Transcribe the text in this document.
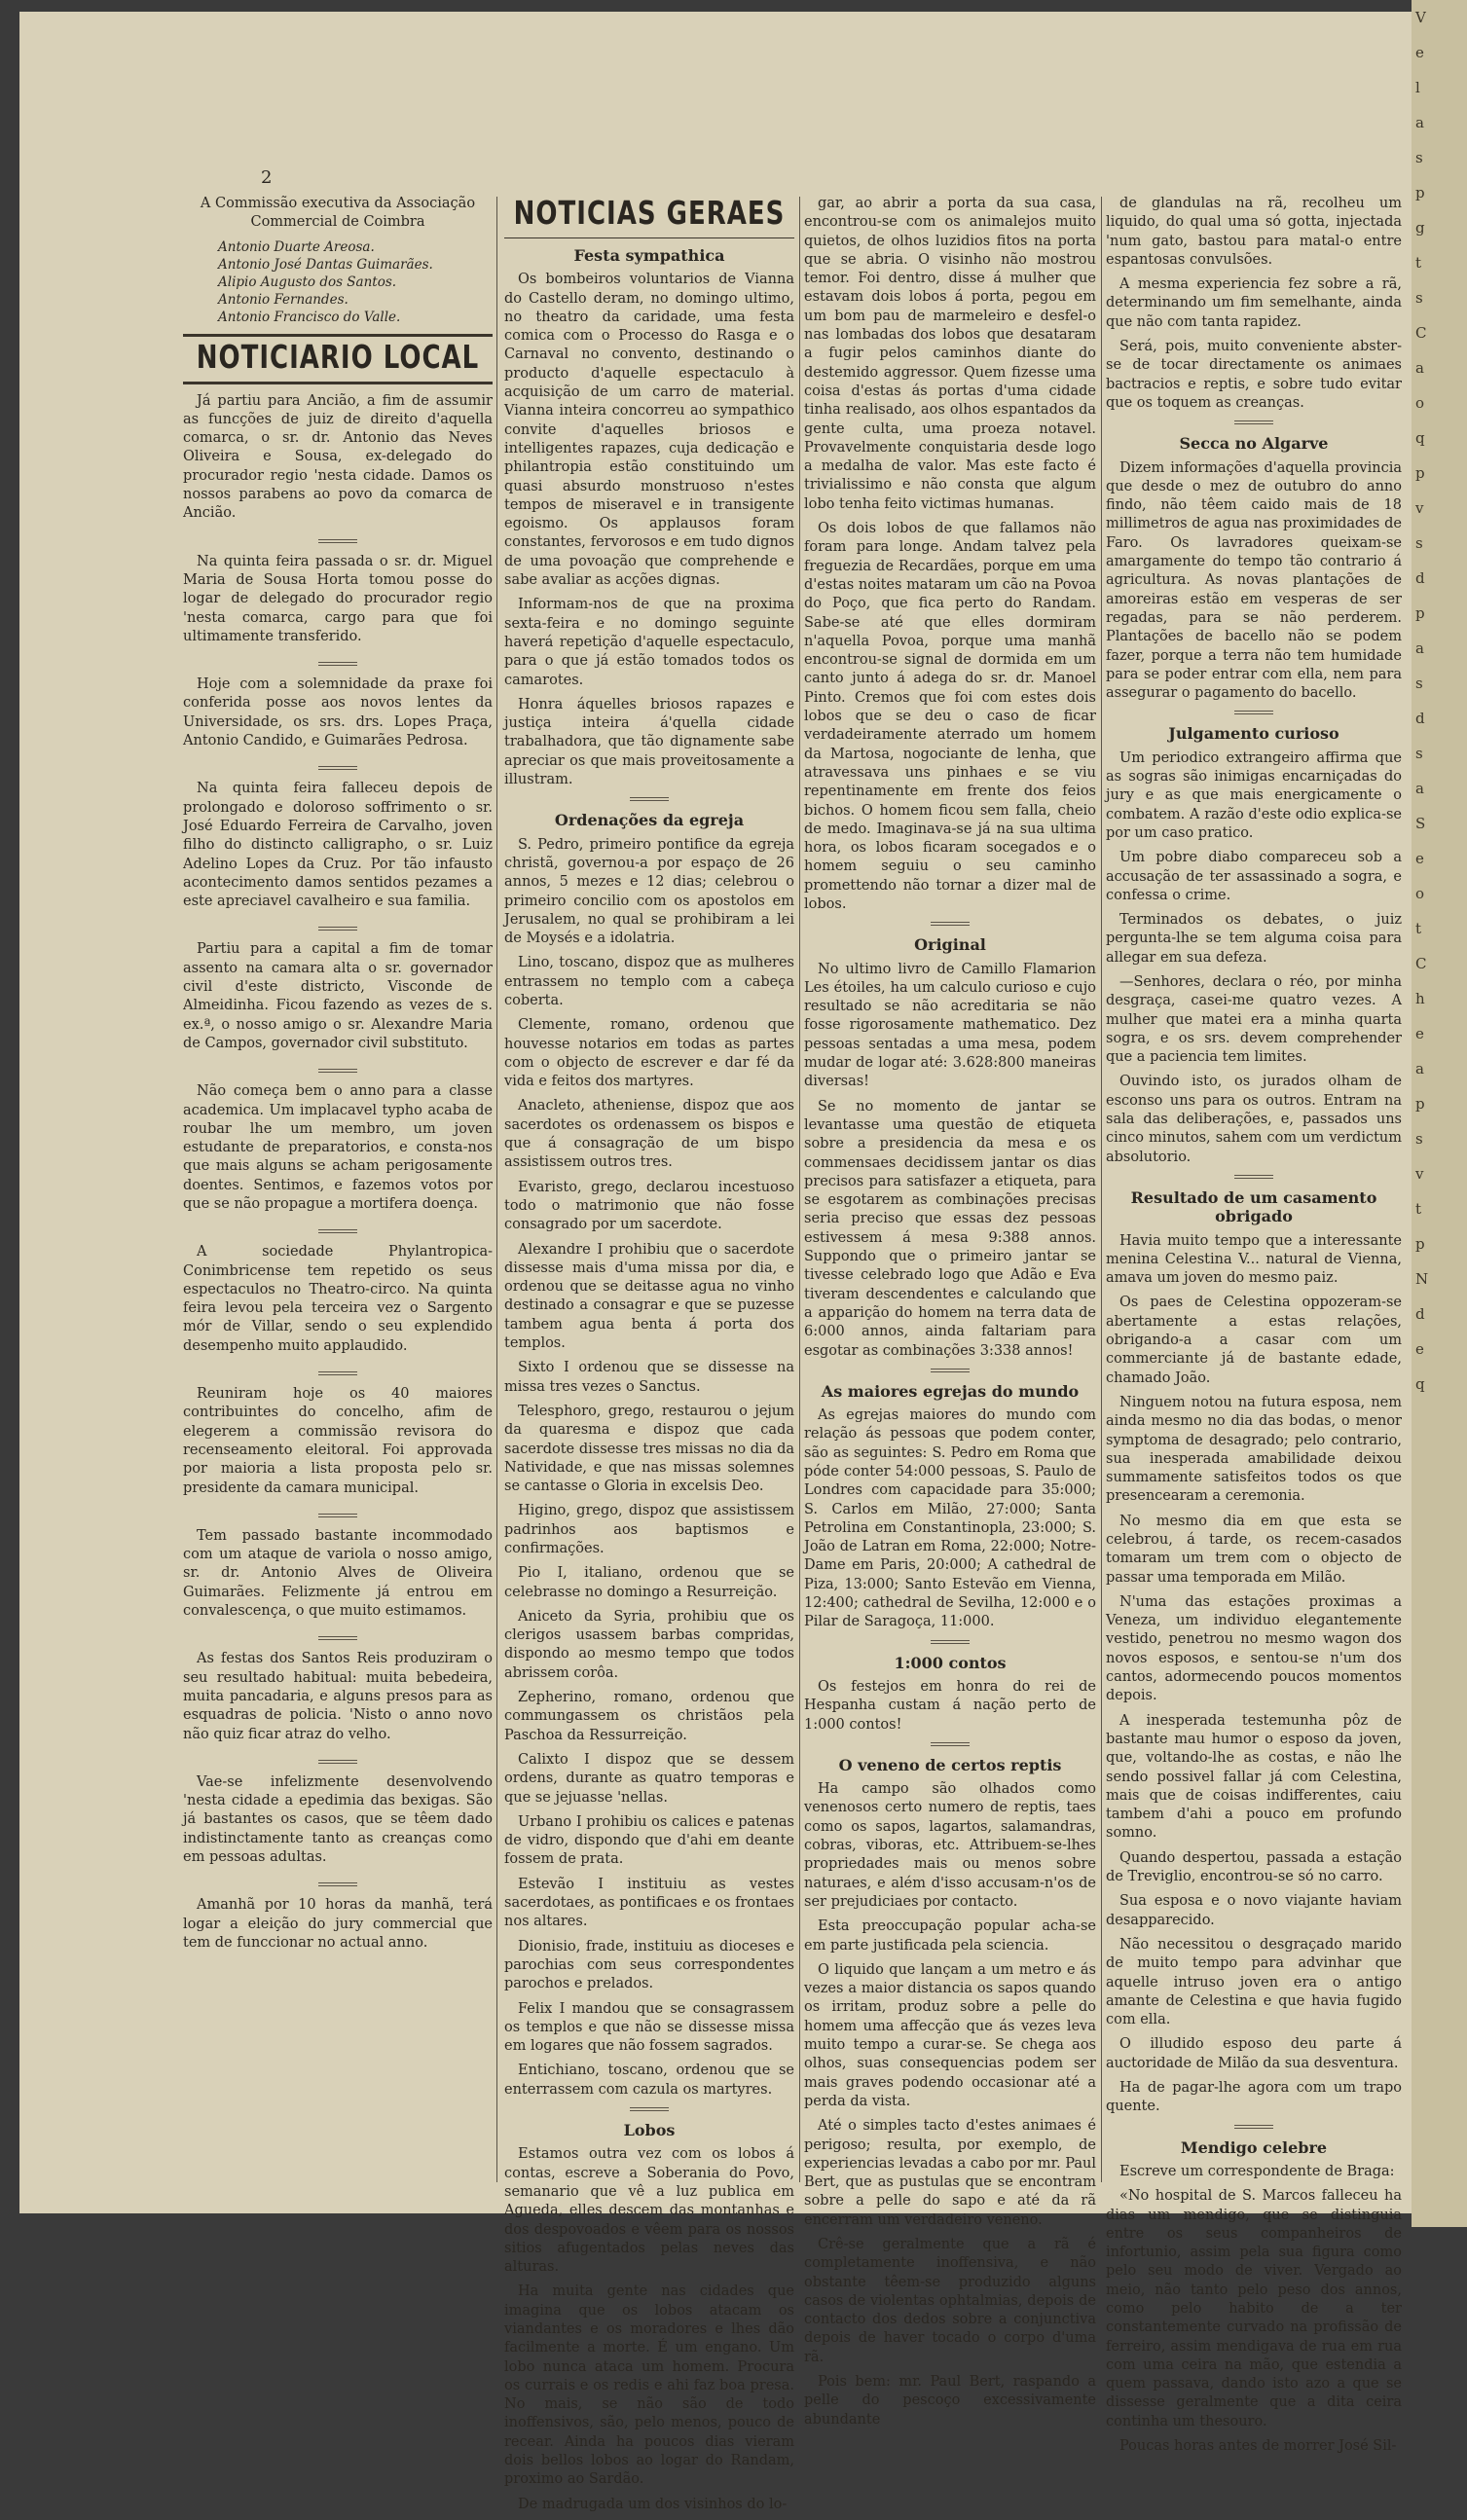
2

A Commissão executiva da Associação Commercial de Coimbra

Antonio Duarte Areosa.

Antonio José Dantas Guimarães.

Alipio Augusto dos Santos.

Antonio Fernandes.

Antonio Francisco do Valle.

NOTICIARIO LOCAL

Já partiu para Ancião, a fim de assumir as funcções de juiz de direito d'aquella comarca, o sr. dr. Antonio das Neves Oliveira e Sousa, ex-delegado do procurador regio 'nesta cidade. Damos os nossos parabens ao povo da comarca de Ancião.

Na quinta feira passada o sr. dr. Miguel Maria de Sousa Horta tomou posse do logar de delegado do procurador regio 'nesta comarca, cargo para que foi ultimamente transferido.

Hoje com a solemnidade da praxe foi conferida posse aos novos lentes da Universidade, os srs. drs. Lopes Praça, Antonio Candido, e Guimarães Pedrosa.

Na quinta feira falleceu depois de prolongado e doloroso soffrimento o sr. José Eduardo Ferreira de Carvalho, joven filho do distincto calligrapho, o sr. Luiz Adelino Lopes da Cruz. Por tão infausto acontecimento damos sentidos pezames a este apreciavel cavalheiro e sua familia.

Partiu para a capital a fim de tomar assento na camara alta o sr. governador civil d'este districto, Visconde de Almeidinha. Ficou fazendo as vezes de s. ex.ª, o nosso amigo o sr. Alexandre Maria de Campos, governador civil substituto.

Não começa bem o anno para a classe academica. Um implacavel typho acaba de roubar lhe um membro, um joven estudante de preparatorios, e consta-nos que mais alguns se acham perigosamente doentes. Sentimos, e fazemos votos por que se não propague a mortifera doença.

A sociedade Phylantropica-Conimbricense tem repetido os seus espectaculos no Theatro-circo. Na quinta feira levou pela terceira vez o Sargento mór de Villar, sendo o seu explendido desempenho muito applaudido.

Reuniram hoje os 40 maiores contribuintes do concelho, afim de elegerem a commissão revisora do recenseamento eleitoral. Foi approvada por maioria a lista proposta pelo sr. presidente da camara municipal.

Tem passado bastante incommodado com um ataque de variola o nosso amigo, sr. dr. Antonio Alves de Oliveira Guimarães. Felizmente já entrou em convalescença, o que muito estimamos.

As festas dos Santos Reis produziram o seu resultado habitual: muita bebedeira, muita pancadaria, e alguns presos para as esquadras de policia. 'Nisto o anno novo não quiz ficar atraz do velho.

Vae-se infelizmente desenvolvendo 'nesta cidade a epedimia das bexigas. São já bastantes os casos, que se têem dado indistinctamente tanto as creanças como em pessoas adultas.

Amanhã por 10 horas da manhã, terá logar a eleição do jury commercial que tem de funccionar no actual anno.

NOTICIAS GERAES
Festa sympathica

Os bombeiros voluntarios de Vianna do Castello deram, no domingo ultimo, no theatro da caridade, uma festa comica com o Processo do Rasga e o Carnaval no convento, destinando o producto d'aquelle espectaculo à acquisição de um carro de material. Vianna inteira concorreu ao sympathico convite d'aquelles briosos e intelligentes rapazes, cuja dedicação e philantropia estão constituindo um quasi absurdo monstruoso n'estes tempos de miseravel e in transigente egoismo. Os applausos foram constantes, fervorosos e em tudo dignos de uma povoação que comprehende e sabe avaliar as acções dignas.

Informam-nos de que na proxima sexta-feira e no domingo seguinte haverá repetição d'aquelle espectaculo, para o que já estão tomados todos os camarotes.

Honra áquelles briosos rapazes e justiça inteira á'quella cidade trabalhadora, que tão dignamente sabe apreciar os que mais proveitosamente a illustram.

Ordenações da egreja

S. Pedro, primeiro pontifice da egreja christã, governou-a por espaço de 26 annos, 5 mezes e 12 dias; celebrou o primeiro concilio com os apostolos em Jerusalem, no qual se prohibiram a lei de Moysés e a idolatria.

Lino, toscano, dispoz que as mulheres entrassem no templo com a cabeça coberta.

Clemente, romano, ordenou que houvesse notarios em todas as partes com o objecto de escrever e dar fé da vida e feitos dos martyres.

Anacleto, atheniense, dispoz que aos sacerdotes os ordenassem os bispos e que á consagração de um bispo assistissem outros tres.

Evaristo, grego, declarou incestuoso todo o matrimonio que não fosse consagrado por um sacerdote.

Alexandre I prohibiu que o sacerdote dissesse mais d'uma missa por dia, e ordenou que se deitasse agua no vinho destinado a consagrar e que se puzesse tambem agua benta á porta dos templos.

Sixto I ordenou que se dissesse na missa tres vezes o Sanctus.

Telesphoro, grego, restaurou o jejum da quaresma e dispoz que cada sacerdote dissesse tres missas no dia da Natividade, e que nas missas solemnes se cantasse o Gloria in excelsis Deo.

Higino, grego, dispoz que assistissem padrinhos aos baptismos e confirmações.

Pio I, italiano, ordenou que se celebrasse no domingo a Resurreição.

Aniceto da Syria, prohibiu que os clerigos usassem barbas compridas, dispondo ao mesmo tempo que todos abrissem corôa.

Zepherino, romano, ordenou que commungassem os christãos pela Paschoa da Ressurreição.

Calixto I dispoz que se dessem ordens, durante as quatro temporas e que se jejuasse 'nellas.

Urbano I prohibiu os calices e patenas de vidro, dispondo que d'ahi em deante fossem de prata.

Estevão I instituiu as vestes sacerdotaes, as pontificaes e os frontaes nos altares.

Dionisio, frade, instituiu as dioceses e parochias com seus correspondentes parochos e prelados.

Felix I mandou que se consagrassem os templos e que não se dissesse missa em logares que não fossem sagrados.

Entichiano, toscano, ordenou que se enterrassem com cazula os martyres.

Lobos

Estamos outra vez com os lobos á contas, escreve a Soberania do Povo, semanario que vê a luz publica em Agueda, elles descem das montanhas e dos despovoados e vêem para os nossos sitios afugentados pelas neves das alturas.

Ha muita gente nas cidades que imagina que os lobos atacam os viandantes e os moradores e lhes dão facilmente a morte. É um engano. Um lobo nunca ataca um homem. Procura os currais e os redis e ahi faz boa presa. No mais, se não são de todo inoffensivos, são, pelo menos, pouco de recear. Ainda ha poucos dias vieram dois bellos lobos ao logar do Randam, proximo ao Sardão.

De madrugada um dos visinhos do lo-

gar, ao abrir a porta da sua casa, encontrou-se com os animalejos muito quietos, de olhos luzidios fitos na porta que se abria. O visinho não mostrou temor. Foi dentro, disse á mulher que estavam dois lobos á porta, pegou em um bom pau de marmeleiro e desfel-o nas lombadas dos lobos que desataram a fugir pelos caminhos diante do destemido aggressor. Quem fizesse uma coisa d'estas ás portas d'uma cidade tinha realisado, aos olhos espantados da gente culta, uma proeza notavel. Provavelmente conquistaria desde logo a medalha de valor. Mas este facto é trivialissimo e não consta que algum lobo tenha feito victimas humanas.

Os dois lobos de que fallamos não foram para longe. Andam talvez pela freguezia de Recardães, porque em uma d'estas noites mataram um cão na Povoa do Poço, que fica perto do Randam. Sabe-se até que elles dormiram n'aquella Povoa, porque uma manhã encontrou-se signal de dormida em um canto junto á adega do sr. dr. Manoel Pinto. Cremos que foi com estes dois lobos que se deu o caso de ficar verdadeiramente aterrado um homem da Martosa, nogociante de lenha, que atravessava uns pinhaes e se viu repentinamente em frente dos feios bichos. O homem ficou sem falla, cheio de medo. Imaginava-se já na sua ultima hora, os lobos ficaram socegados e o homem seguiu o seu caminho promettendo não tornar a dizer mal de lobos.

Original

No ultimo livro de Camillo Flamarion Les étoiles, ha um calculo curioso e cujo resultado se não acreditaria se não fosse rigorosamente mathematico. Dez pessoas sentadas a uma mesa, podem mudar de logar até: 3.628:800 maneiras diversas!

Se no momento de jantar se levantasse uma questão de etiqueta sobre a presidencia da mesa e os commensaes decidissem jantar os dias precisos para satisfazer a etiqueta, para se esgotarem as combinações precisas seria preciso que essas dez pessoas estivessem á mesa 9:388 annos. Suppondo que o primeiro jantar se tivesse celebrado logo que Adão e Eva tiveram descendentes e calculando que a apparição do homem na terra data de 6:000 annos, ainda faltariam para esgotar as combinações 3:338 annos!

As maiores egrejas do mundo

As egrejas maiores do mundo com relação ás pessoas que podem conter, são as seguintes: S. Pedro em Roma que póde conter 54:000 pessoas, S. Paulo de Londres com capacidade para 35:000; S. Carlos em Milão, 27:000; Santa Petrolina em Constantinopla, 23:000; S. João de Latran em Roma, 22:000; Notre-Dame em Paris, 20:000; A cathedral de Piza, 13:000; Santo Estevão em Vienna, 12:400; cathedral de Sevilha, 12:000 e o Pilar de Saragoça, 11:000.

1:000 contos

Os festejos em honra do rei de Hespanha custam á nação perto de 1:000 contos!

O veneno de certos reptis

Ha campo são olhados como venenosos certo numero de reptis, taes como os sapos, lagartos, salamandras, cobras, viboras, etc. Attribuem-se-lhes propriedades mais ou menos sobre naturaes, e além d'isso accusam-n'os de ser prejudiciaes por contacto.

Esta preoccupação popular acha-se em parte justificada pela sciencia.

O liquido que lançam a um metro e ás vezes a maior distancia os sapos quando os irritam, produz sobre a pelle do homem uma affecção que ás vezes leva muito tempo a curar-se. Se chega aos olhos, suas consequencias podem ser mais graves podendo occasionar até a perda da vista.

Até o simples tacto d'estes animaes é perigoso; resulta, por exemplo, de experiencias levadas a cabo por mr. Paul Bert, que as pustulas que se encontram sobre a pelle do sapo e até da rã encerram um verdadeiro veneno.

Crê-se geralmente que a rã é completamente inoffensiva, e não obstante têem-se produzido alguns casos de violentas ophtalmias, depois de contacto dos dedos sobre a conjunctiva depois de haver tocado o corpo d'uma rã.

Pois bem: mr. Paul Bert, raspando a pelle do pescoço excessivamente abundante

de glandulas na rã, recolheu um liquido, do qual uma só gotta, injectada 'num gato, bastou para matal-o entre espantosas convulsões.

A mesma experiencia fez sobre a rã, determinando um fim semelhante, ainda que não com tanta rapidez.

Será, pois, muito conveniente abster-se de tocar directamente os animaes bactracios e reptis, e sobre tudo evitar que os toquem as creanças.

Secca no Algarve

Dizem informações d'aquella provincia que desde o mez de outubro do anno findo, não têem caido mais de 18 millimetros de agua nas proximidades de Faro. Os lavradores queixam-se amargamente do tempo tão contrario á agricultura. As novas plantações de amoreiras estão em vesperas de ser regadas, para se não perderem. Plantações de bacello não se podem fazer, porque a terra não tem humidade para se poder entrar com ella, nem para assegurar o pagamento do bacello.

Julgamento curioso

Um periodico extrangeiro affirma que as sogras são inimigas encarniçadas do jury e as que mais energicamente o combatem. A razão d'este odio explica-se por um caso pratico.

Um pobre diabo compareceu sob a accusação de ter assassinado a sogra, e confessa o crime.

Terminados os debates, o juiz pergunta-lhe se tem alguma coisa para allegar em sua defeza.

—Senhores, declara o réo, por minha desgraça, casei-me quatro vezes. A mulher que matei era a minha quarta sogra, e os srs. devem comprehender que a paciencia tem limites.

Ouvindo isto, os jurados olham de esconso uns para os outros. Entram na sala das deliberações, e, passados uns cinco minutos, sahem com um verdictum absolutorio.

Resultado de um casamento obrigado

Havia muito tempo que a interessante menina Celestina V... natural de Vienna, amava um joven do mesmo paiz.

Os paes de Celestina oppozeram-se abertamente a estas relações, obrigando-a a casar com um commerciante já de bastante edade, chamado João.

Ninguem notou na futura esposa, nem ainda mesmo no dia das bodas, o menor symptoma de desagrado; pelo contrario, sua inesperada amabilidade deixou summamente satisfeitos todos os que presencearam a ceremonia.

No mesmo dia em que esta se celebrou, á tarde, os recem-casados tomaram um trem com o objecto de passar uma temporada em Milão.

N'uma das estações proximas a Veneza, um individuo elegantemente vestido, penetrou no mesmo wagon dos novos esposos, e sentou-se n'um dos cantos, adormecendo poucos momentos depois.

A inesperada testemunha pôz de bastante mau humor o esposo da joven, que, voltando-lhe as costas, e não lhe sendo possivel fallar já com Celestina, mais que de coisas indifferentes, caiu tambem d'ahi a pouco em profundo somno.

Quando despertou, passada a estação de Treviglio, encontrou-se só no carro.

Sua esposa e o novo viajante haviam desapparecido.

Não necessitou o desgraçado marido de muito tempo para advinhar que aquelle intruso joven era o antigo amante de Celestina e que havia fugido com ella.

O illudido esposo deu parte á auctoridade de Milão da sua desventura.

Ha de pagar-lhe agora com um trapo quente.

Mendigo celebre

Escreve um correspondente de Braga:

«No hospital de S. Marcos falleceu ha dias um mendigo, que se distinguia entre os seus companheiros de infortunio, assim pela sua figura como pelo seu modo de viver. Vergado ao meio, não tanto pelo peso dos annos, como pelo habito de a ter constantemente curvado na profissão de ferreiro, assim mendigava de rua em rua com uma ceira na mão, que estendia a quem passava, dando isto azo a que se dissesse geralmente que a dita ceira continha um thesouro.

Poucas horas antes de morrer José Sil-

V
e
l
a
s
p
g
t
s
C
a
o
q
p
v
s
d
p
a
s
d
s
a
S
e
o
t
C
h
e
a
p
s
v
t
p
N
d
e
q
